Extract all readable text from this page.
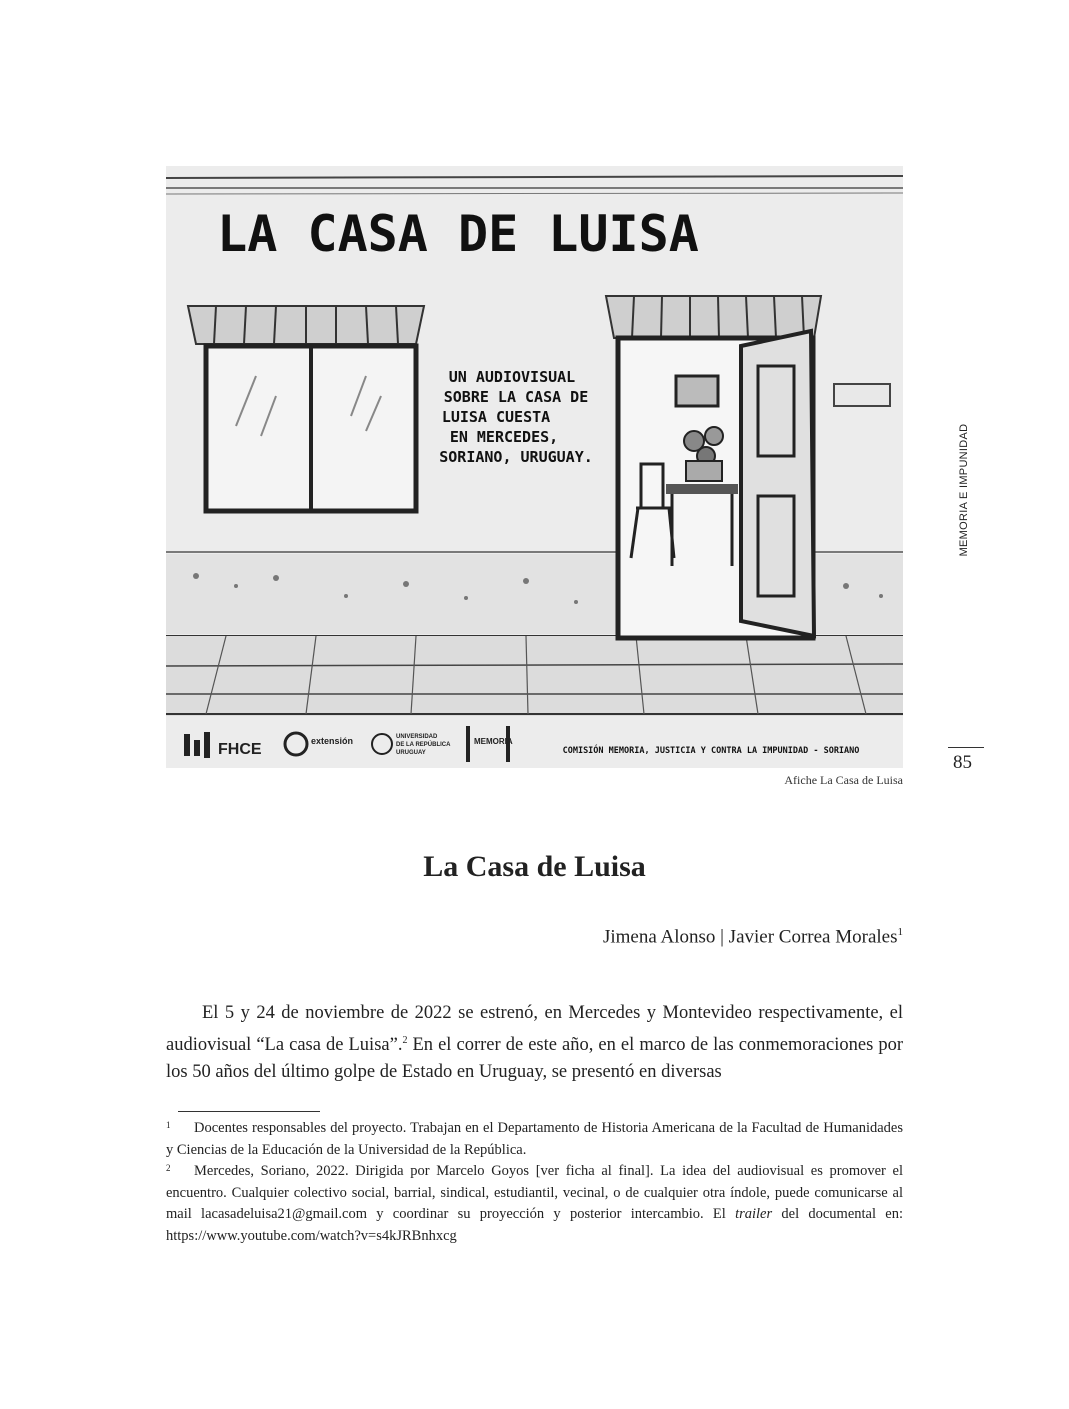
LA CASA DE LUISA
UN AUDIOVISUAL
SOBRE LA CASA DE
LUISA CUESTA
EN MERCEDES,
SORIANO, URUGUAY.
FHCE	extensión	UNIVERSIDAD
DE LA REPÚBLICA
URUGUAY
MEMORIA
COMISIÓN MEMORIA, JUSTICIA Y CONTRA LA IMPUNIDAD - SORIANO
Afiche La Casa de Luisa
MEMORIA E IMPUNIDAD
85
La Casa de Luisa
Jimena Alonso | Javier Correa Morales$^1$

El 5 y 24 de noviembre de 2022 se estrenó, en Mercedes y Montevideo respectivamente, el audiovisual “La casa de Luisa”.$^2$ En el correr de este año, en el marco de las conmemoraciones por los 50 años del último golpe de Estado en Uruguay, se presentó en diversas

1 Docentes responsables del proyecto. Trabajan en el Departamento de Historia Americana de la Facultad de Humanidades y Ciencias de la Educación de la Universidad de la República.

2 Mercedes, Soriano, 2022. Dirigida por Marcelo Goyos [ver ficha al final]. La idea del audiovisual es promover el encuentro. Cualquier colectivo social, barrial, sindical, estudiantil, vecinal, o de cualquier otra índole, puede comunicarse al mail lacasadeluisa21@gmail.com y coordinar su proyección y posterior intercambio. El trailer del documental en: https://www.youtube.com/watch?v=s4kJRBnhxcg
